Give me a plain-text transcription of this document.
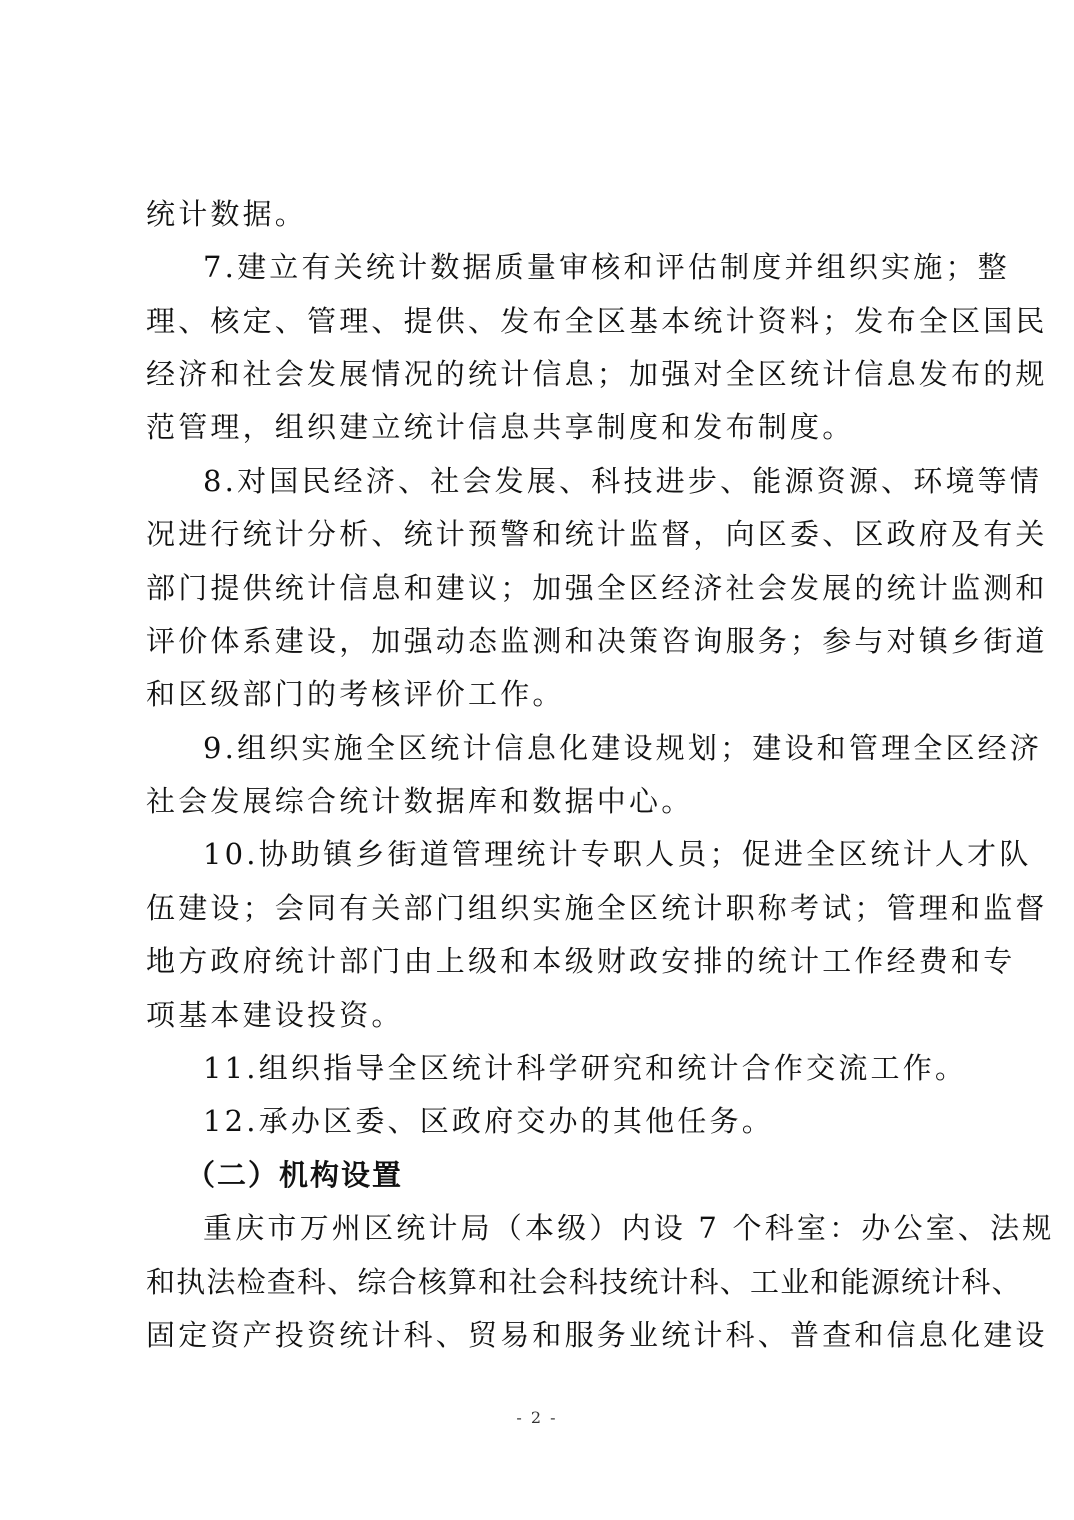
统计数据。
7.建立有关统计数据质量审核和评估制度并组织实施；整
理、核定、管理、提供、发布全区基本统计资料；发布全区国民
经济和社会发展情况的统计信息；加强对全区统计信息发布的规
范管理，组织建立统计信息共享制度和发布制度。
8.对国民经济、社会发展、科技进步、能源资源、环境等情
况进行统计分析、统计预警和统计监督，向区委、区政府及有关
部门提供统计信息和建议；加强全区经济社会发展的统计监测和
评价体系建设，加强动态监测和决策咨询服务；参与对镇乡街道
和区级部门的考核评价工作。
9.组织实施全区统计信息化建设规划；建设和管理全区经济
社会发展综合统计数据库和数据中心。
10.协助镇乡街道管理统计专职人员；促进全区统计人才队
伍建设；会同有关部门组织实施全区统计职称考试；管理和监督
地方政府统计部门由上级和本级财政安排的统计工作经费和专
项基本建设投资。
11.组织指导全区统计科学研究和统计合作交流工作。
12.承办区委、区政府交办的其他任务。
（二）机构设置
重庆市万州区统计局（本级）内设 7 个科室：办公室、法规
和执法检查科、综合核算和社会科技统计科、工业和能源统计科、
固定资产投资统计科、贸易和服务业统计科、普查和信息化建设
- 2 -
